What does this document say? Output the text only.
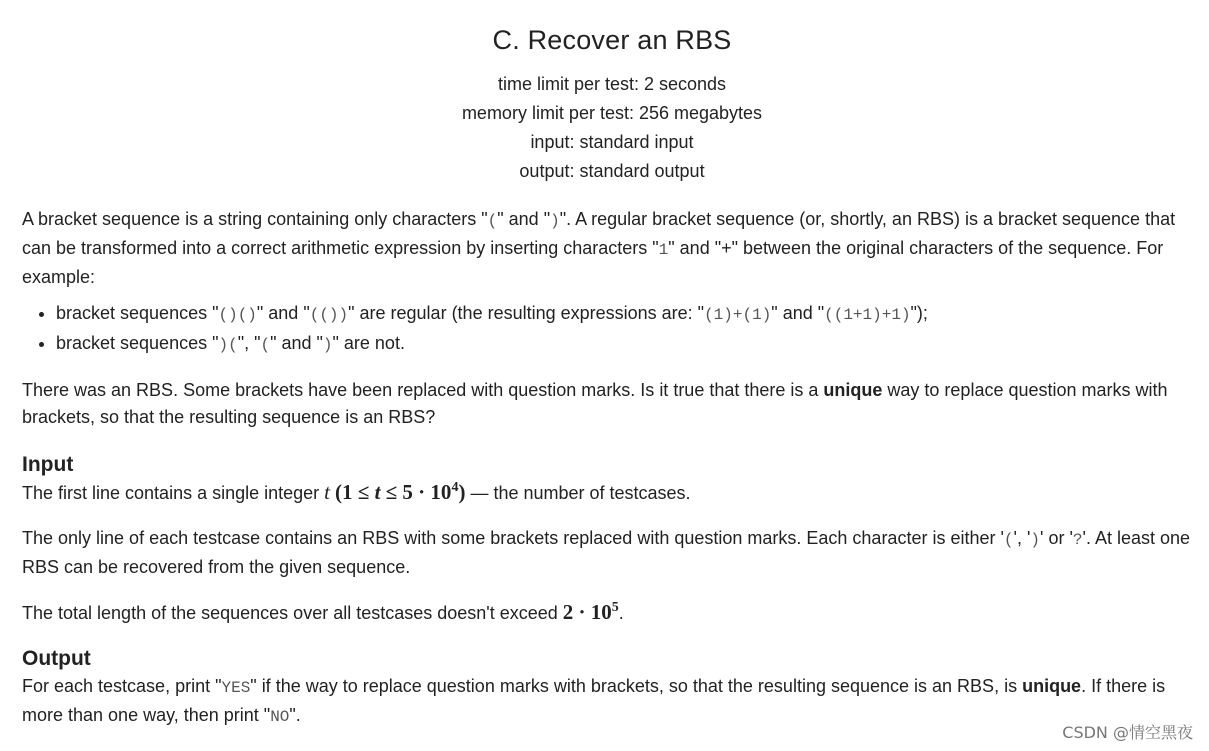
C. Recover an RBS
time limit per test: 2 seconds
memory limit per test: 256 megabytes
input: standard input
output: standard output

A bracket sequence is a string containing only characters "(" and ")". A regular bracket sequence (or, shortly, an RBS) is a bracket sequence that can be transformed into a correct arithmetic expression by inserting characters "1" and "+" between the original characters of the sequence. For example:

• bracket sequences "()()" and "(())" are regular (the resulting expressions are: "(1)+(1)" and "((1+1)+1)");
• bracket sequences ")(", "(" and ")" are not.

There was an RBS. Some brackets have been replaced with question marks. Is it true that there is a unique way to replace question marks with brackets, so that the resulting sequence is an RBS?

Input

The first line contains a single integer t $(1 \le t \le 5 \cdot 10^4)$ — the number of testcases.

The only line of each testcase contains an RBS with some brackets replaced with question marks. Each character is either '(', ')' or '?'. At least one RBS can be recovered from the given sequence.

The total length of the sequences over all testcases doesn't exceed $2 \cdot 10^5$.

Output

For each testcase, print "YES" if the way to replace question marks with brackets, so that the resulting sequence is an RBS, is unique. If there is more than one way, then print "NO".

CSDN @情空黑夜
